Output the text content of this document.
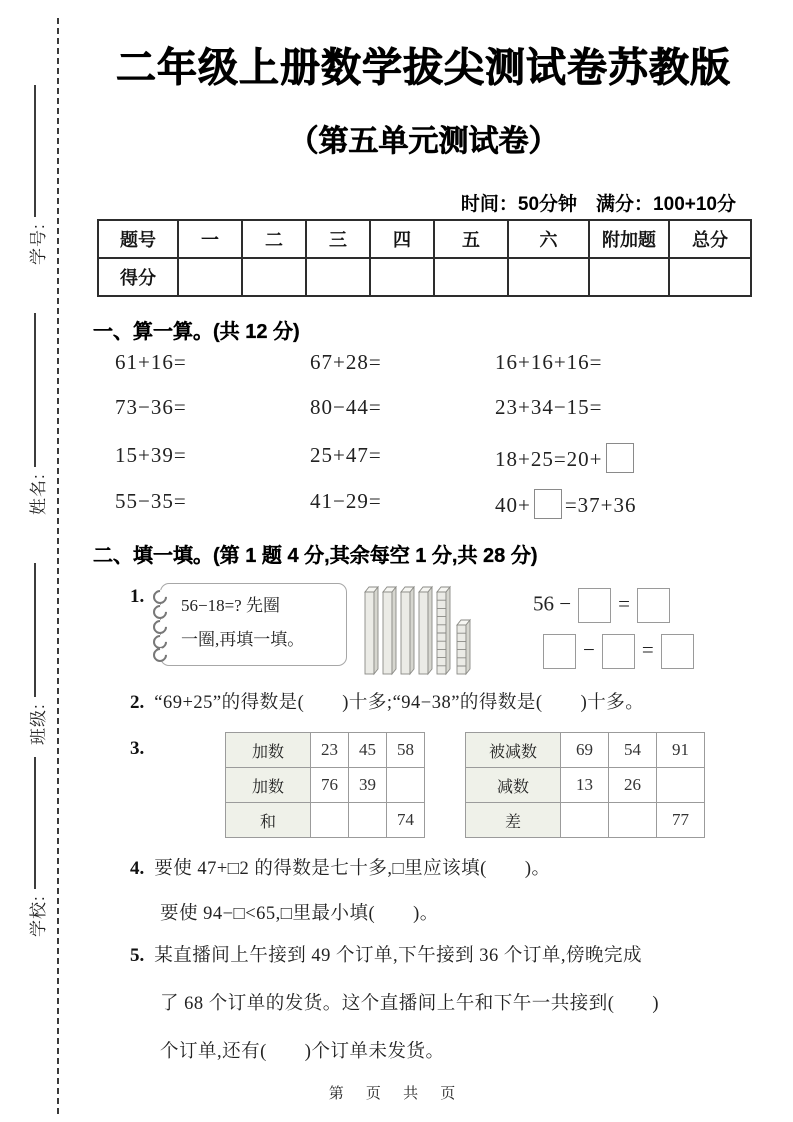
学号:
姓名:
班级:
学校:
二年级上册数学拔尖测试卷苏教版
（第五单元测试卷）
时间：50分钟　满分：100+10分
题号	一	二	三	四	五	六	附加题	总分
得分								
一、算一算。(共 12 分)
61+16=	67+28=	16+16+16=
73−36=	80−44=	23+34−15=
15+39=	25+47=	18+25=20+
55−35=	41−29=	40+ =37+36
二、填一填。(第 1 题 4 分,其余每空 1 分,共 28 分)
1. 56−18=? 先圈
一圈,再填一填。
56 − =
− =
2. “69+25”的得数是(　　)十多;“94−38”的得数是(　　)十多。
3.	加数	23	45	58
加数	76	39	
和			74
被减数	69	54	91
减数	13	26	
差			77
4. 要使 47+□2 的得数是七十多,□里应该填(　　)。
要使 94−□<65,□里最小填(　　)。
5. 某直播间上午接到 49 个订单,下午接到 36 个订单,傍晚完成
了 68 个订单的发货。这个直播间上午和下午一共接到(　　)
个订单,还有(　　)个订单未发货。
第 页 共 页
